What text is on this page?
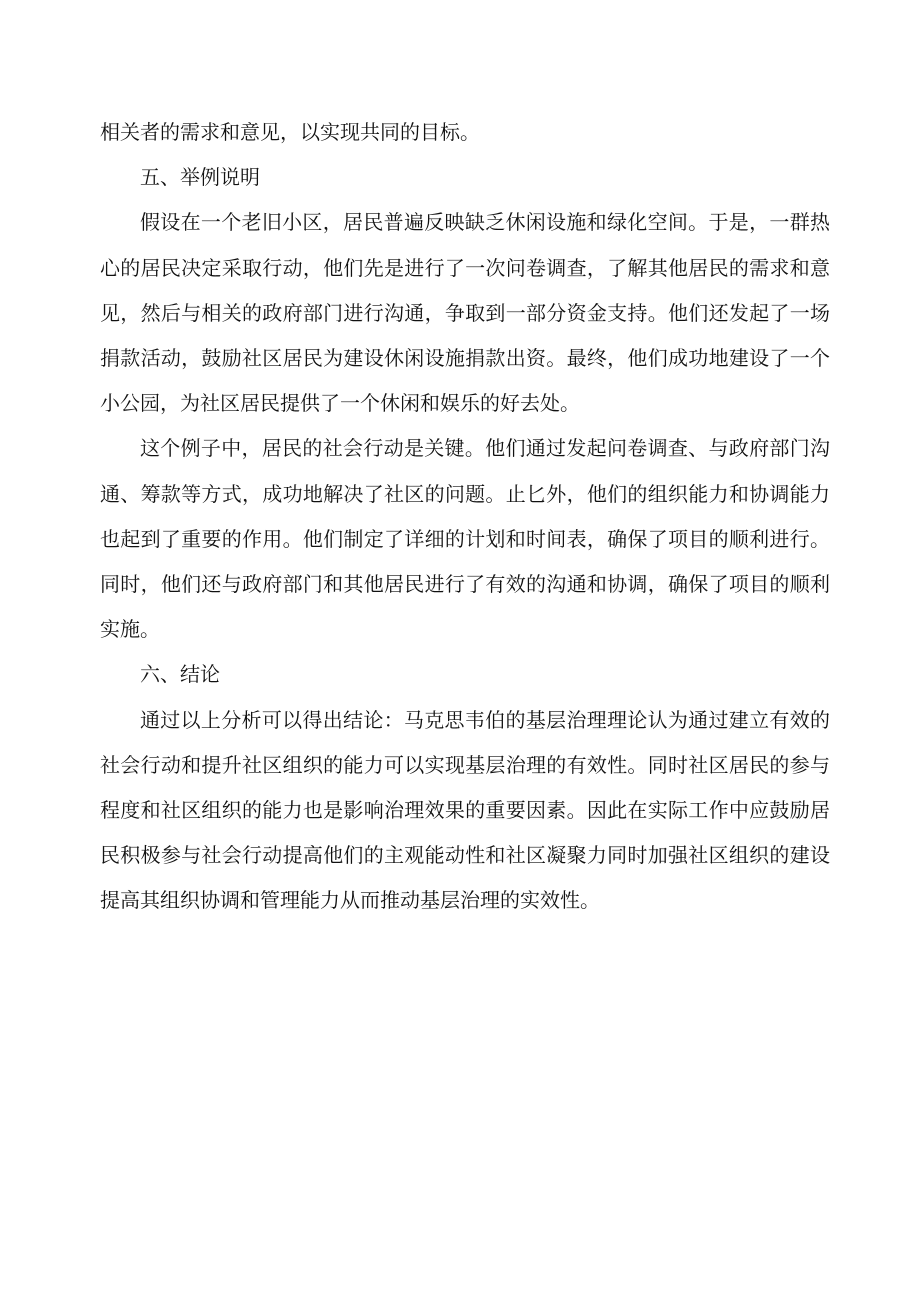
相关者的需求和意见，以实现共同的目标。

五、举例说明

假设在一个老旧小区，居民普遍反映缺乏休闲设施和绿化空间。于是，一群热心的居民决定采取行动，他们先是进行了一次问卷调查，了解其他居民的需求和意见，然后与相关的政府部门进行沟通，争取到一部分资金支持。他们还发起了一场捐款活动，鼓励社区居民为建设休闲设施捐款出资。最终，他们成功地建设了一个小公园，为社区居民提供了一个休闲和娱乐的好去处。

这个例子中，居民的社会行动是关键。他们通过发起问卷调查、与政府部门沟通、筹款等方式，成功地解决了社区的问题。止匕外，他们的组织能力和协调能力也起到了重要的作用。他们制定了详细的计划和时间表，确保了项目的顺利进行。同时，他们还与政府部门和其他居民进行了有效的沟通和协调，确保了项目的顺利实施。

六、结论

通过以上分析可以得出结论：马克思韦伯的基层治理理论认为通过建立有效的社会行动和提升社区组织的能力可以实现基层治理的有效性。同时社区居民的参与程度和社区组织的能力也是影响治理效果的重要因素。因此在实际工作中应鼓励居民积极参与社会行动提高他们的主观能动性和社区凝聚力同时加强社区组织的建设提高其组织协调和管理能力从而推动基层治理的实效性。
